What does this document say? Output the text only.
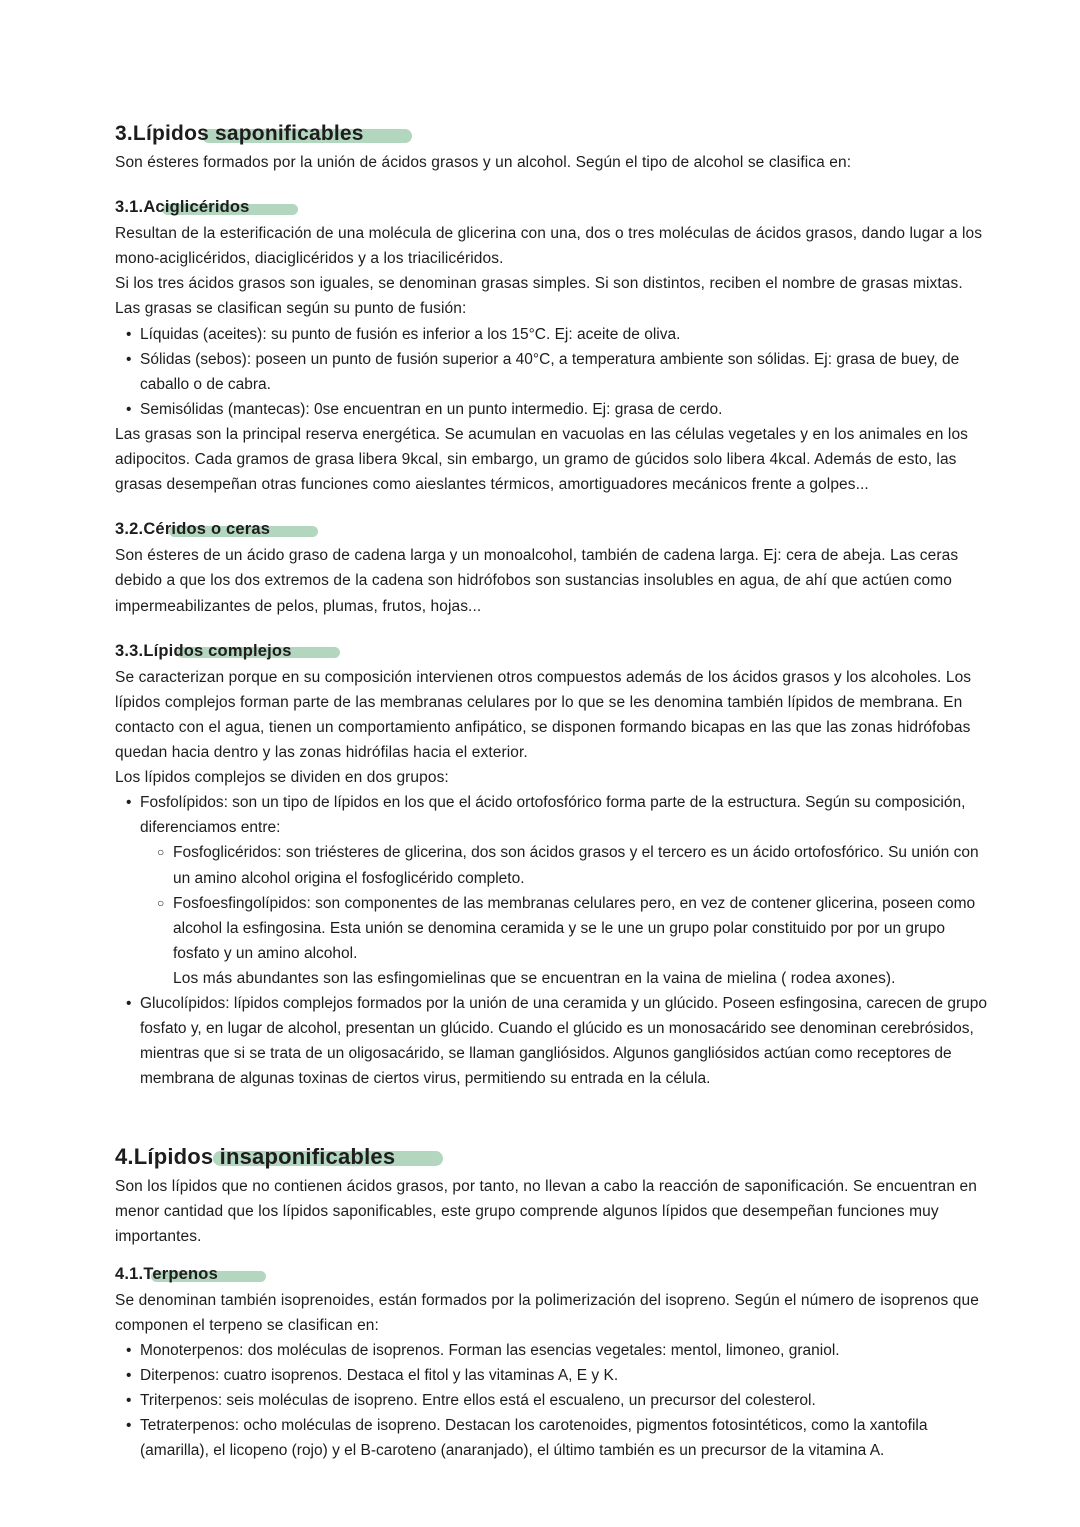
3.Lípidos saponificables

Son ésteres formados por la unión de ácidos grasos y un alcohol. Según el tipo de alcohol se clasifica en:

3.1.Aciglicéridos

Resultan de la esterificación de una molécula de glicerina con una, dos o tres moléculas de ácidos grasos, dando lugar a los mono-aciglicéridos, diaciglicéridos y a los triacilicéridos.

Si los tres ácidos grasos son iguales, se denominan grasas simples. Si son distintos, reciben el nombre de grasas mixtas.

Las grasas se clasifican según su punto de fusión:

• Líquidas (aceites): su punto de fusión es inferior a los 15°C. Ej: aceite de oliva.
• Sólidas (sebos): poseen un punto de fusión superior a 40°C, a temperatura ambiente son sólidas. Ej: grasa de buey, de caballo o de cabra.
• Semisólidas (mantecas): 0se encuentran en un punto intermedio. Ej: grasa de cerdo.

Las grasas son la principal reserva energética. Se acumulan en vacuolas en las células vegetales y en los animales en los adipocitos. Cada gramos de grasa libera 9kcal, sin embargo, un gramo de gúcidos solo libera 4kcal. Además de esto, las grasas desempeñan otras funciones como aieslantes térmicos, amortiguadores mecánicos frente a golpes...

3.2.Céridos o ceras

Son ésteres de un ácido graso de cadena larga y un monoalcohol, también de cadena larga. Ej: cera de abeja. Las ceras debido a que los dos extremos de la cadena son hidrófobos son sustancias insolubles en agua, de ahí que actúen como impermeabilizantes de pelos, plumas, frutos, hojas...

3.3.Lípidos complejos

Se caracterizan porque en su composición intervienen otros compuestos además de los ácidos grasos y los alcoholes. Los lípidos complejos forman parte de las membranas celulares por lo que se les denomina también lípidos de membrana. En contacto con el agua, tienen un comportamiento anfipático, se disponen formando bicapas en las que las zonas hidrófobas quedan hacia dentro y las zonas hidrófilas hacia el exterior.

Los lípidos complejos se dividen en dos grupos:

• Fosfolípidos: son un tipo de lípidos en los que el ácido ortofosfórico forma parte de la estructura. Según su composición, diferenciamos entre:
○ Fosfoglicéridos: son triésteres de glicerina, dos son ácidos grasos y el tercero es un ácido ortofosfórico. Su unión con un amino alcohol origina el fosfoglicérido completo.
○ Fosfoesfingolípidos: son componentes de las membranas celulares pero, en vez de contener glicerina, poseen como alcohol la esfingosina. Esta unión se denomina ceramida y se le une un grupo polar constituido por por un grupo fosfato y un amino alcohol.

Los más abundantes son las esfingomielinas que se encuentran en la vaina de mielina ( rodea axones).

• Glucolípidos: lípidos complejos formados por la unión de una ceramida y un glúcido. Poseen esfingosina, carecen de grupo fosfato y, en lugar de alcohol, presentan un glúcido. Cuando el glúcido es un monosacárido see denominan cerebrósidos, mientras que si se trata de un oligosacárido, se llaman gangliósidos. Algunos gangliósidos actúan como receptores de membrana de algunas toxinas de ciertos virus, permitiendo su entrada en la célula.
4.Lípidos insaponificables

Son los lípidos que no contienen ácidos grasos, por tanto, no llevan a cabo la reacción de saponificación. Se encuentran en menor cantidad que los lípidos saponificables, este grupo comprende algunos lípidos que desempeñan funciones muy importantes.

4.1.Terpenos

Se denominan también isoprenoides, están formados por la polimerización del isopreno. Según el número de isoprenos que componen el terpeno se clasifican en:

• Monoterpenos: dos moléculas de isoprenos. Forman las esencias vegetales: mentol, limoneo, graniol.
• Diterpenos: cuatro isoprenos. Destaca el fitol y las vitaminas A, E y K.
• Triterpenos: seis moléculas de isopreno. Entre ellos está el escualeno, un precursor del colesterol.
• Tetraterpenos: ocho moléculas de isopreno. Destacan los carotenoides, pigmentos fotosintéticos, como la xantofila (amarilla), el licopeno (rojo) y el B-caroteno (anaranjado), el último también es un precursor de la vitamina A.
